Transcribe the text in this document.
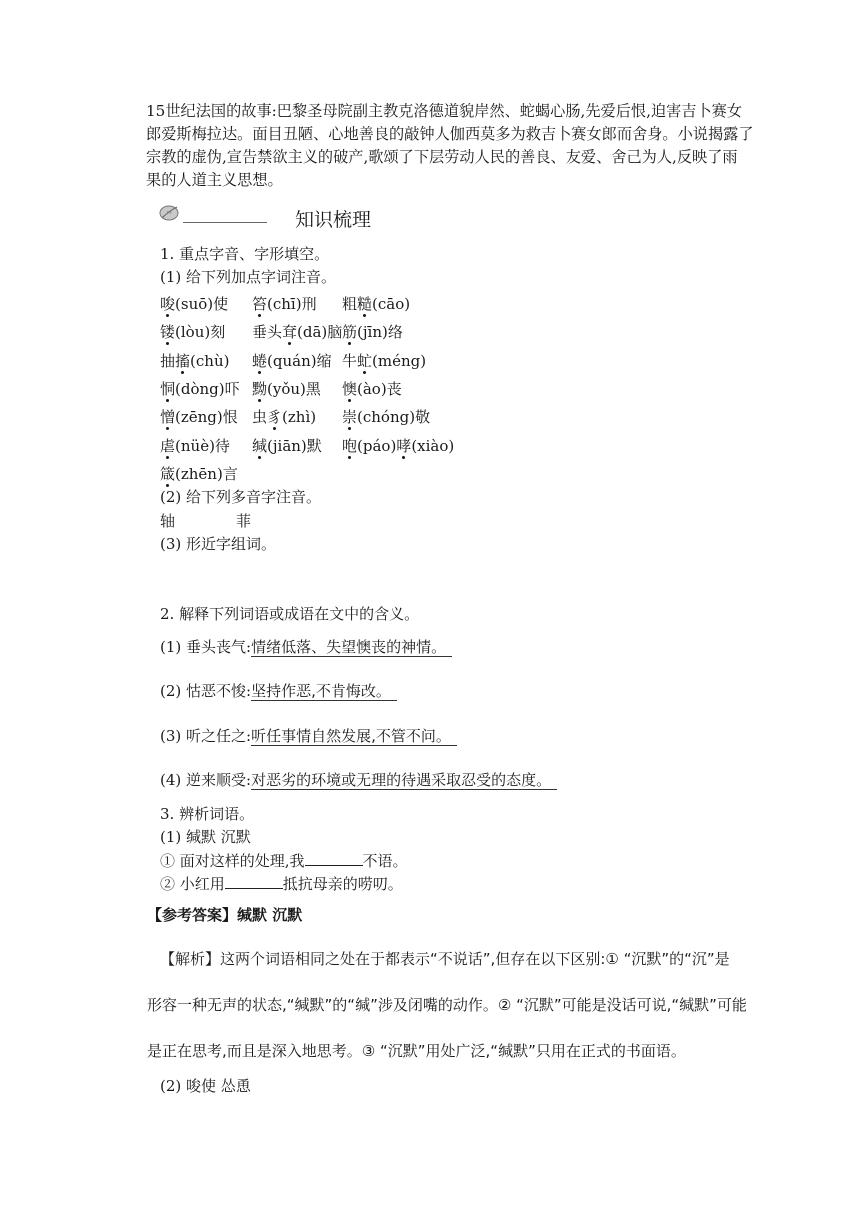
15世纪法国的故事:巴黎圣母院副主教克洛德道貌岸然、蛇蝎心肠,先爱后恨,迫害吉卜赛女
郎爱斯梅拉达。面目丑陋、心地善良的敲钟人伽西莫多为救吉卜赛女郎而舍身。小说揭露了
宗教的虚伪,宣告禁欲主义的破产,歌颂了下层劳动人民的善良、友爱、舍己为人,反映了雨
果的人道主义思想。
知识梳理
1. 重点字音、字形填空。
(1) 给下列加点字词注音。
唆(suō)使 笞(chī)刑 粗糙(cāo)
镂(lòu)刻 垂头耷(dā)脑 筋(jīn)络
抽搐(chù) 蜷(quán)缩 牛虻(méng)
恫(dòng)吓 黝(yǒu)黑 懊(ào)丧
憎(zēng)恨 虫豸(zhì) 崇(chóng)敬
虐(nüè)待 缄(jiān)默 咆(páo)哮(xiào)
箴(zhēn)言
(2) 给下列多音字注音。
轴	菲
(3) 形近字组词。
2. 解释下列词语或成语在文中的含义。
(1) 垂头丧气:情绪低落、失望懊丧的神情。
(2) 怙恶不悛:坚持作恶,不肯悔改。
(3) 听之任之:听任事情自然发展,不管不问。
(4) 逆来顺受:对恶劣的环境或无理的待遇采取忍受的态度。
3. 辨析词语。
(1) 缄默 沉默
① 面对这样的处理,我	不语。
② 小红用	抵抗母亲的唠叨。
【参考答案】缄默 沉默
【解析】这两个词语相同之处在于都表示“不说话”,但存在以下区别:① “沉默”的“沉”是
形容一种无声的状态,“缄默”的“缄”涉及闭嘴的动作。② “沉默”可能是没话可说,“缄默”可能
是正在思考,而且是深入地思考。③ “沉默”用处广泛,“缄默”只用在正式的书面语。
(2) 唆使 怂恿
